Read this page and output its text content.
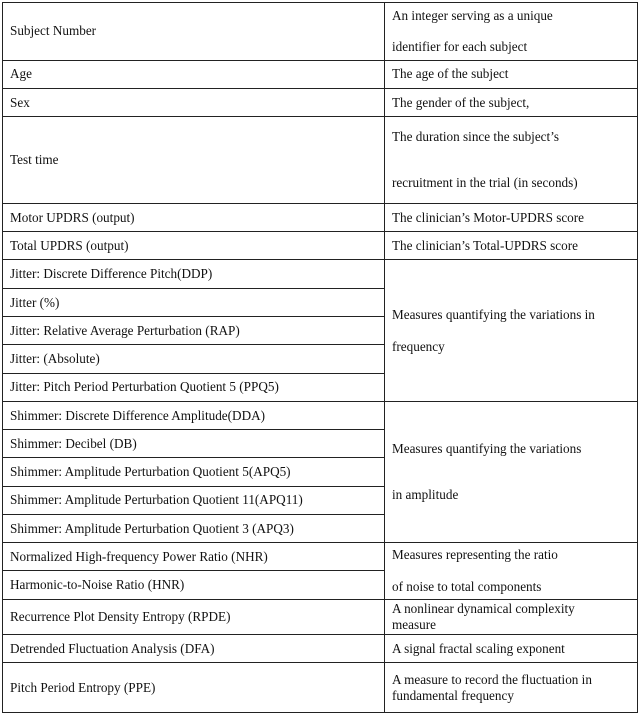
Subject Number	An integer serving as a unique
identifier for each subject

Age	The age of the subject

Sex	The gender of the subject,

Test time	The duration since the subject’s
recruitment in the trial (in seconds)

Motor UPDRS (output)	The clinician’s Motor-UPDRS score

Total UPDRS (output)	The clinician’s Total-UPDRS score

Jitter: Discrete Difference Pitch(DDP)	Measures quantifying the variations in
frequency

Jitter (%)	
Jitter: Relative Average Perturbation (RAP)	
Jitter: (Absolute)	
Jitter: Pitch Period Perturbation Quotient 5 (PPQ5)	
Shimmer: Discrete Difference Amplitude(DDA)	Measures quantifying the variations
in amplitude

Shimmer: Decibel (DB)	
Shimmer: Amplitude Perturbation Quotient 5(APQ5)	
Shimmer: Amplitude Perturbation Quotient 11(APQ11)	
Shimmer: Amplitude Perturbation Quotient 3 (APQ3)	
Normalized High-frequency Power Ratio (NHR)	Measures representing the ratio
of noise to total components

Harmonic-to-Noise Ratio (HNR)	
Recurrence Plot Density Entropy (RPDE)	A nonlinear dynamical complexity
measure

Detrended Fluctuation Analysis (DFA)	A signal fractal scaling exponent

Pitch Period Entropy (PPE)	A measure to record the fluctuation in
fundamental frequency
